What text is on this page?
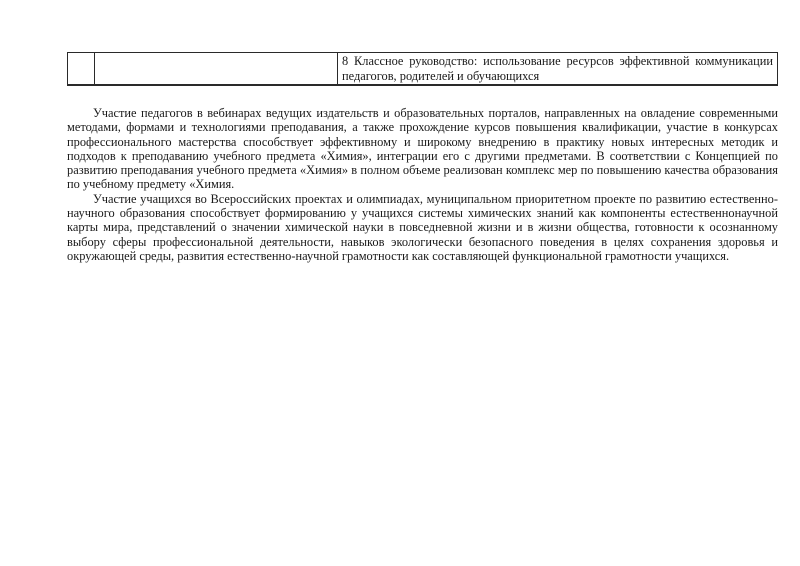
		8 Классное руководство: использование ресурсов эффективной коммуникации педагогов, родителей и обучающихся

Участие педагогов в вебинарах ведущих издательств и образовательных порталов, направленных на овладение современными методами, формами и технологиями преподавания, а также прохождение курсов повышения квалификации, участие в конкурсах профессионального мастерства способствует эффективному и широкому внедрению в практику новых интересных методик и подходов к преподаванию учебного предмета «Химия», интеграции его с другими предметами. В соответствии с Концепцией по развитию преподавания учебного предмета «Химия» в полном объеме реализован комплекс мер по повышению качества образования по учебному предмету «Химия.

Участие учащихся во Всероссийских проектах и олимпиадах, муниципальном приоритетном проекте по развитию естественно-научного образования способствует формированию у учащихся системы химических знаний как компоненты естественнонаучной карты мира, представлений о значении химической науки в повседневной жизни и в жизни общества, готовности к осознанному выбору сферы профессиональной деятельности, навыков экологически безопасного поведения в целях сохранения здоровья и окружающей среды, развития естественно-научной грамотности как составляющей функциональной грамотности учащихся.
